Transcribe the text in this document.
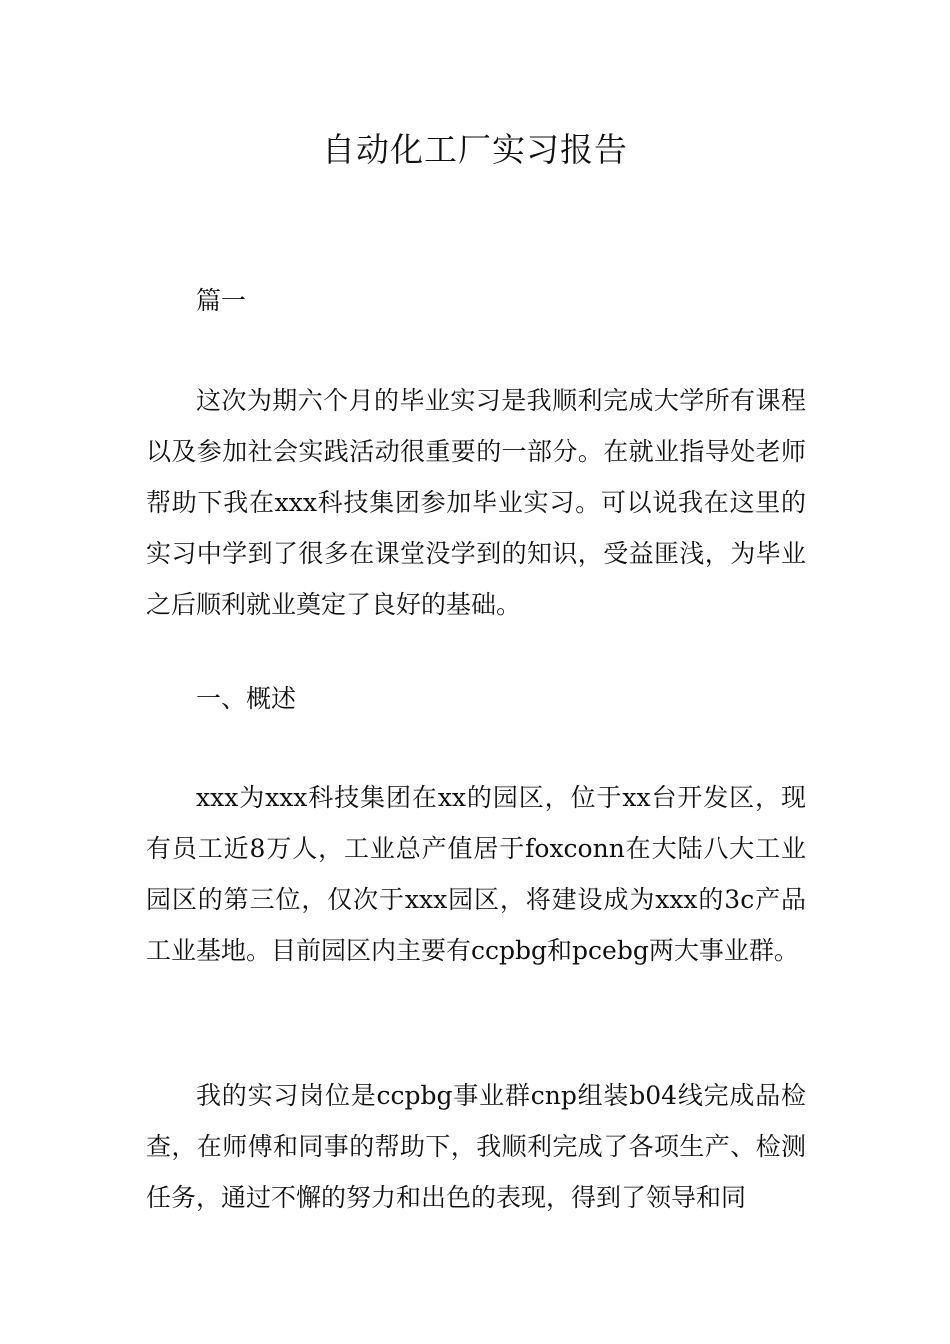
自动化工厂实习报告

篇一

这次为期六个月的毕业实习是我顺利完成大学所有课程以及参加社会实践活动很重要的一部分。在就业指导处老师帮助下我在xxx科技集团参加毕业实习。可以说我在这里的实习中学到了很多在课堂没学到的知识，受益匪浅，为毕业之后顺利就业奠定了良好的基础。

一、概述

xxx为xxx科技集团在xx的园区，位于xx台开发区，现有员工近8万人，工业总产值居于foxconn在大陆八大工业园区的第三位，仅次于xxx园区，将建设成为xxx的3c产品工业基地。目前园区内主要有ccpbg和pcebg两大事业群。

我的实习岗位是ccpbg事业群cnp组装b04线完成品检查，在师傅和同事的帮助下，我顺利完成了各项生产、检测任务，通过不懈的努力和出色的表现，得到了领导和同
